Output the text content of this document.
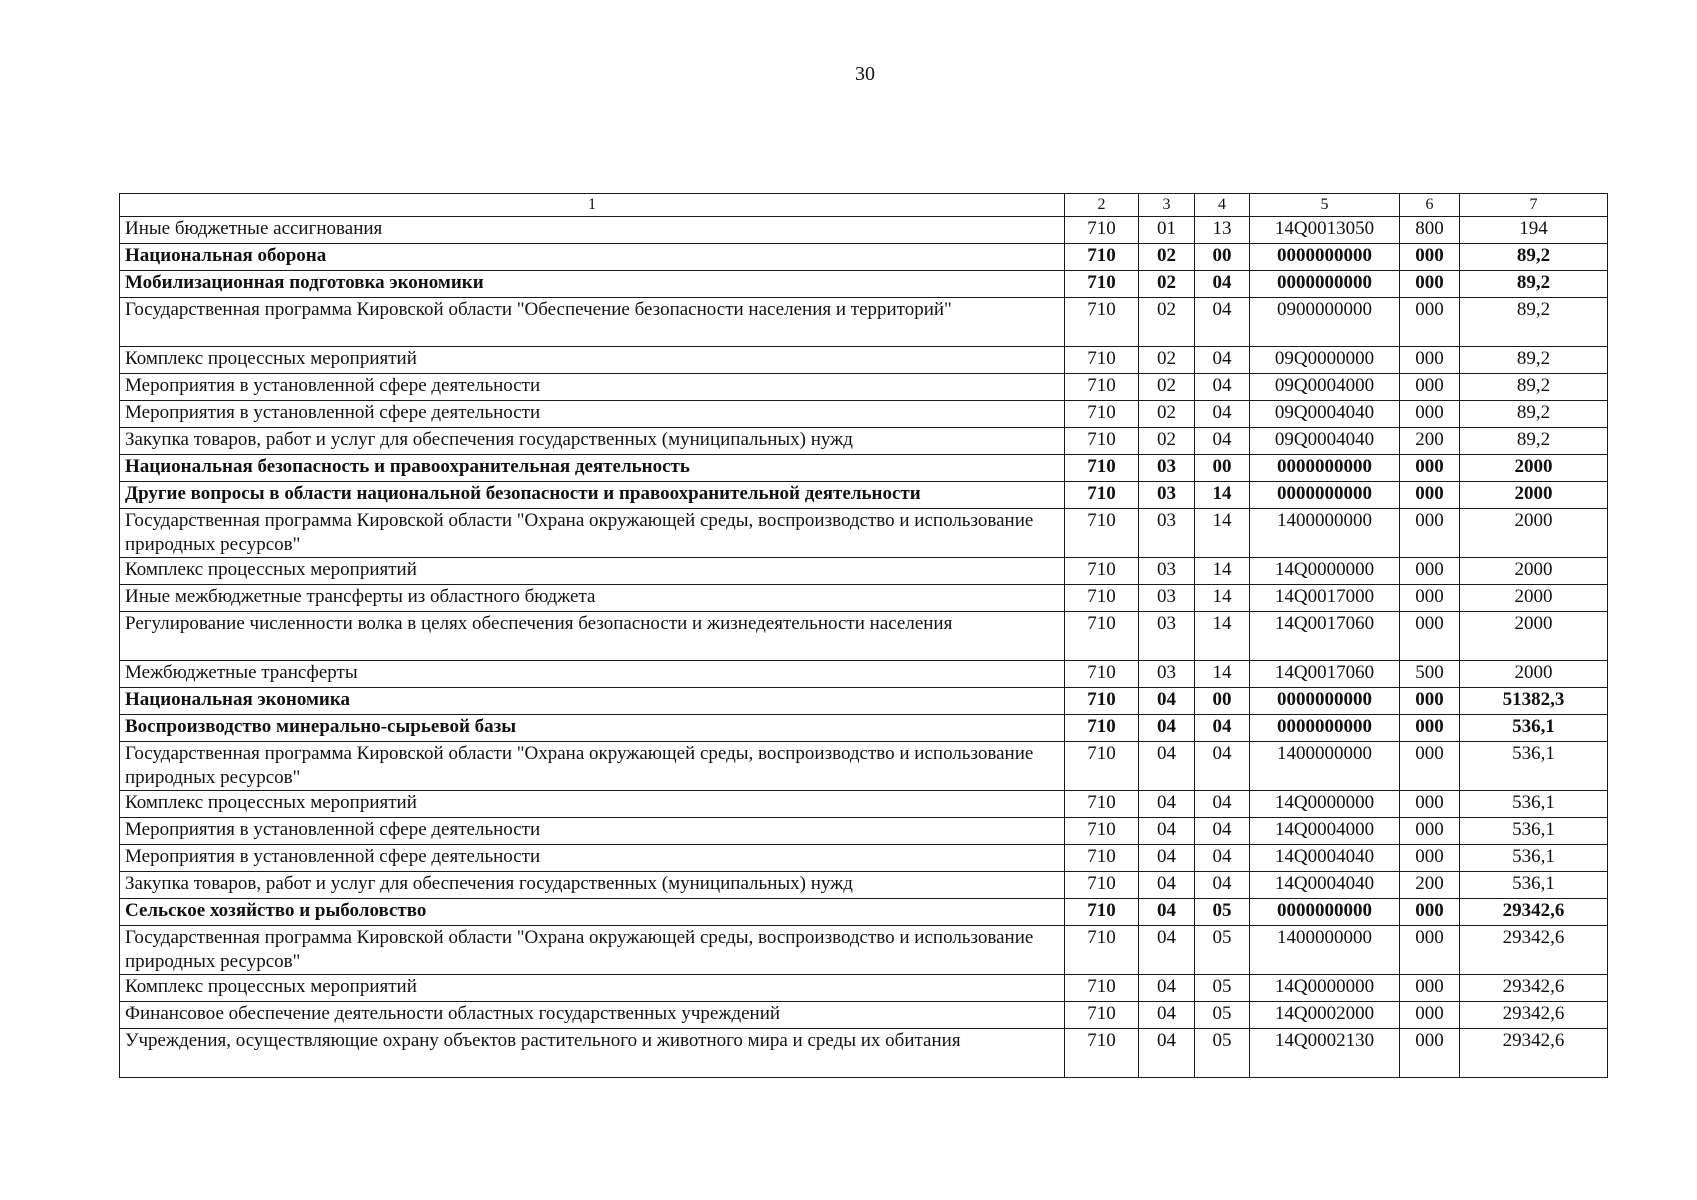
30
1	2	3	4	5	6	7
Иные бюджетные ассигнования	710	01	13	14Q0013050	800	194
Национальная оборона	710	02	00	0000000000	000	89,2
Мобилизационная подготовка экономики	710	02	04	0000000000	000	89,2
Государственная программа Кировской области "Обеспечение безопасности населения и территорий"	710	02	04	0900000000	000	89,2
Комплекс процессных мероприятий	710	02	04	09Q0000000	000	89,2
Мероприятия в установленной сфере деятельности	710	02	04	09Q0004000	000	89,2
Мероприятия в установленной сфере деятельности	710	02	04	09Q0004040	000	89,2
Закупка товаров, работ и услуг для обеспечения государственных (муниципальных) нужд	710	02	04	09Q0004040	200	89,2
Национальная безопасность и правоохранительная деятельность	710	03	00	0000000000	000	2000
Другие вопросы в области национальной безопасности и правоохранительной деятельности	710	03	14	0000000000	000	2000
Государственная программа Кировской области "Охрана окружающей среды, воспроизводство и использование природных ресурсов"	710	03	14	1400000000	000	2000
Комплекс процессных мероприятий	710	03	14	14Q0000000	000	2000
Иные межбюджетные трансферты из областного бюджета	710	03	14	14Q0017000	000	2000
Регулирование численности волка в целях обеспечения безопасности и жизнедеятельности населения	710	03	14	14Q0017060	000	2000
Межбюджетные трансферты	710	03	14	14Q0017060	500	2000
Национальная экономика	710	04	00	0000000000	000	51382,3
Воспроизводство минерально-сырьевой базы	710	04	04	0000000000	000	536,1
Государственная программа Кировской области "Охрана окружающей среды, воспроизводство и использование природных ресурсов"	710	04	04	1400000000	000	536,1
Комплекс процессных мероприятий	710	04	04	14Q0000000	000	536,1
Мероприятия в установленной сфере деятельности	710	04	04	14Q0004000	000	536,1
Мероприятия в установленной сфере деятельности	710	04	04	14Q0004040	000	536,1
Закупка товаров, работ и услуг для обеспечения государственных (муниципальных) нужд	710	04	04	14Q0004040	200	536,1
Сельское хозяйство и рыболовство	710	04	05	0000000000	000	29342,6
Государственная программа Кировской области "Охрана окружающей среды, воспроизводство и использование природных ресурсов"	710	04	05	1400000000	000	29342,6
Комплекс процессных мероприятий	710	04	05	14Q0000000	000	29342,6
Финансовое обеспечение деятельности областных государственных учреждений	710	04	05	14Q0002000	000	29342,6
Учреждения, осуществляющие охрану объектов растительного и животного мира и среды их обитания	710	04	05	14Q0002130	000	29342,6
